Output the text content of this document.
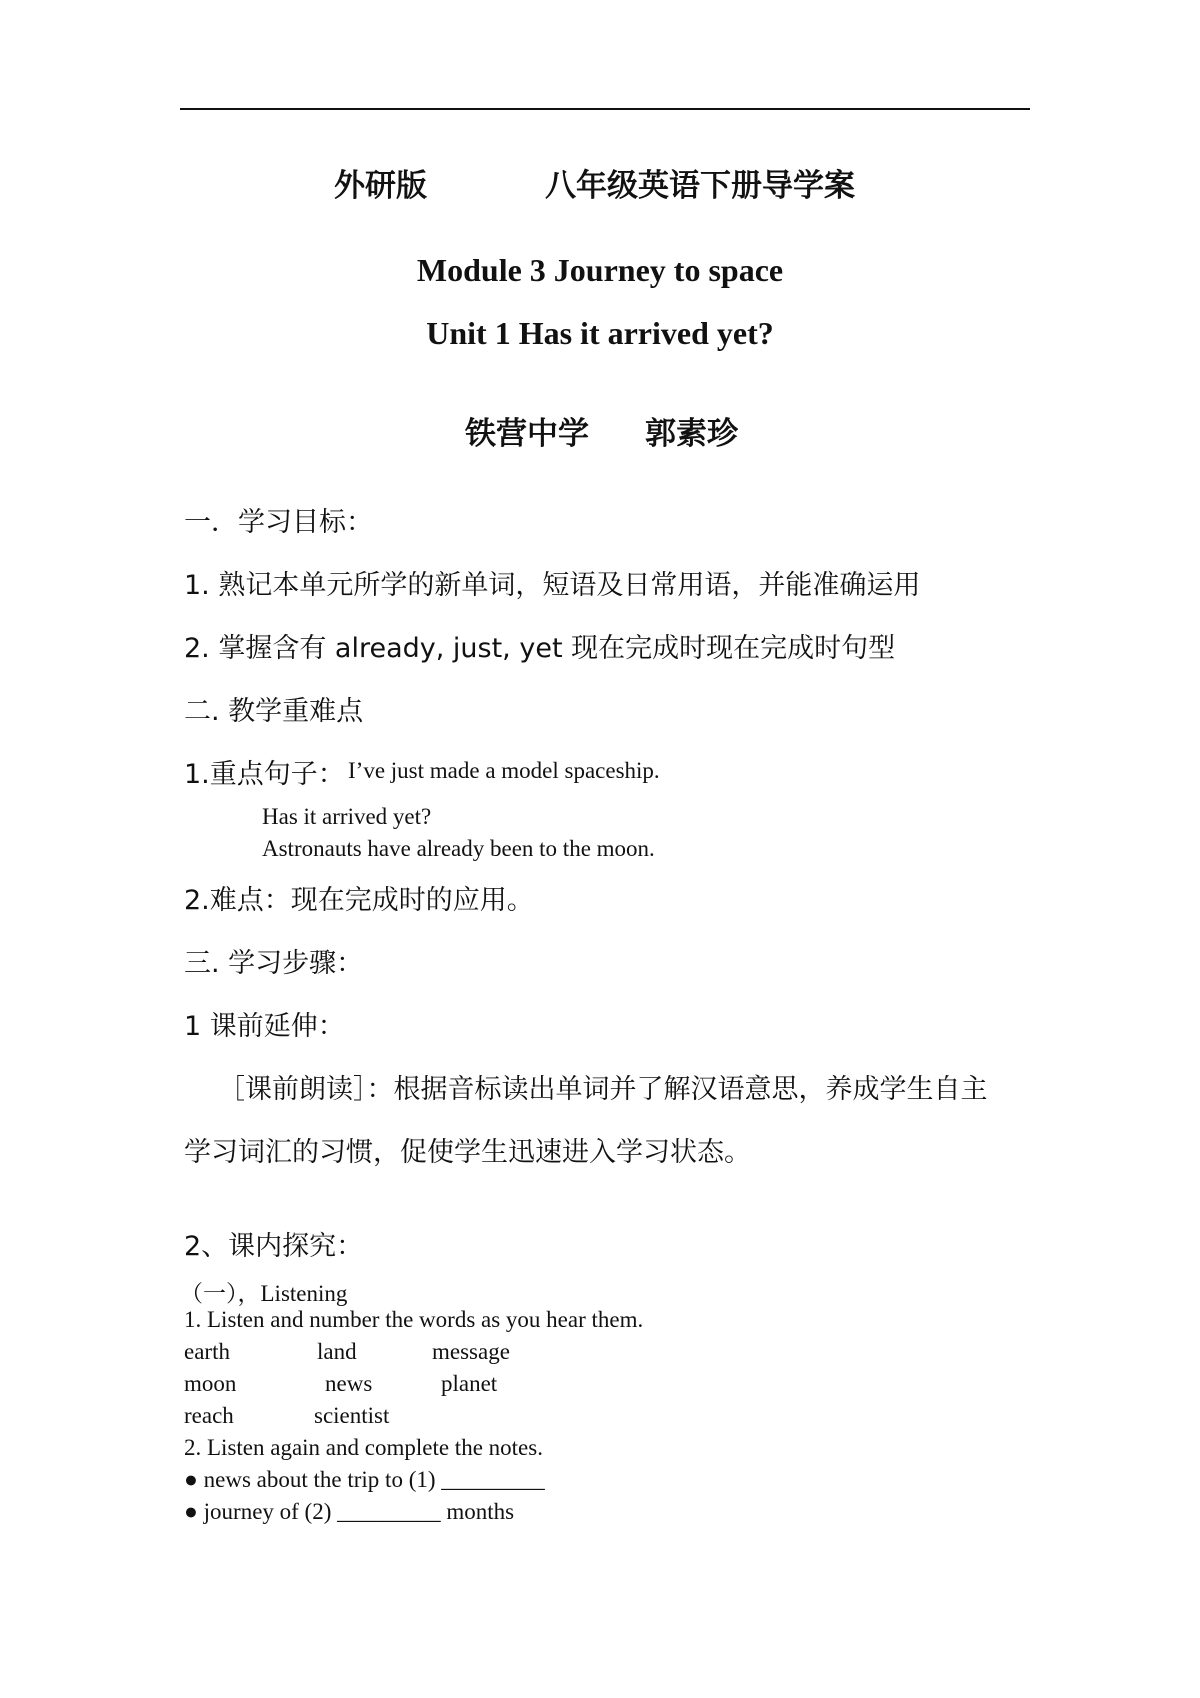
外研版	八年级英语下册导学案
Module 3 Journey to space
Unit 1 Has it arrived yet?
铁营中学 郭素珍
一．学习目标：
1. 熟记本单元所学的新单词，短语及日常用语，并能准确运用
2. 掌握含有 already, just, yet 现在完成时现在完成时句型
二. 教学重难点
1.重点句子： I’ve just made a model spaceship.
Has it arrived yet?
Astronauts have already been to the moon.
2.难点：现在完成时的应用。
三. 学习步骤：
1 课前延伸：
［课前朗读］：根据音标读出单词并了解汉语意思，养成学生自主
学习词汇的习惯，促使学生迅速进入学习状态。
2、课内探究：
（一），Listening
1. Listen and number the words as you hear them.
earth	land	message
moon	news	planet
reach	scientist
2. Listen again and complete the notes.
● news about the trip to (1) _________
● journey of (2) _________ months
